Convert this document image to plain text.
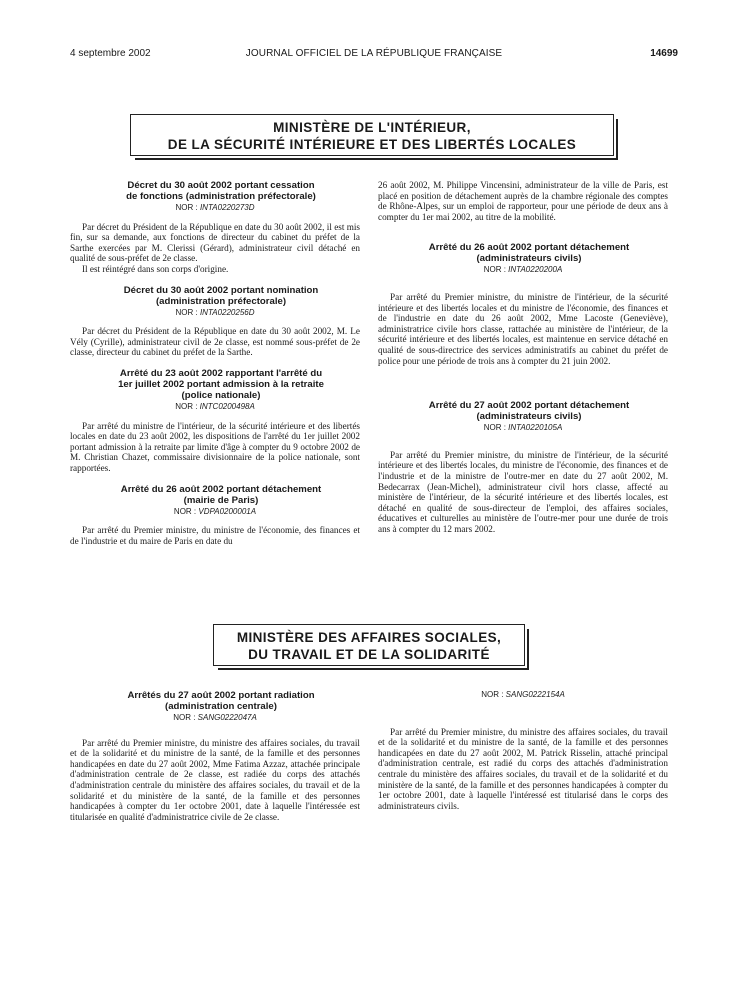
4 septembre 2002	JOURNAL OFFICIEL DE LA RÉPUBLIQUE FRANÇAISE	14699
MINISTÈRE DE L'INTÉRIEUR,
DE LA SÉCURITÉ INTÉRIEURE ET DES LIBERTÉS LOCALES

Décret du 30 août 2002 portant cessation

de fonctions (administration préfectorale)

NOR : INTA0220273D

Par décret du Président de la République en date du 30 août 2002, il est mis fin, sur sa demande, aux fonctions de directeur du cabinet du préfet de la Sarthe exercées par M. Clerissi (Gérard), administrateur civil détaché en qualité de sous-préfet de 2e classe.

Il est réintégré dans son corps d'origine.

Décret du 30 août 2002 portant nomination

(administration préfectorale)

NOR : INTA0220256D

Par décret du Président de la République en date du 30 août 2002, M. Le Vély (Cyrille), administrateur civil de 2e classe, est nommé sous-préfet de 2e classe, directeur du cabinet du préfet de la Sarthe.

Arrêté du 23 août 2002 rapportant l'arrêté du

1er juillet 2002 portant admission à la retraite

(police nationale)

NOR : INTC0200498A

Par arrêté du ministre de l'intérieur, de la sécurité intérieure et des libertés locales en date du 23 août 2002, les dispositions de l'arrêté du 1er juillet 2002 portant admission à la retraite par limite d'âge à compter du 9 octobre 2002 de M. Christian Chazet, commissaire divisionnaire de la police nationale, sont rapportées.

Arrêté du 26 août 2002 portant détachement

(mairie de Paris)

NOR : VDPA0200001A

Par arrêté du Premier ministre, du ministre de l'économie, des finances et de l'industrie et du maire de Paris en date du

26 août 2002, M. Philippe Vincensini, administrateur de la ville de Paris, est placé en position de détachement auprès de la chambre régionale des comptes de Rhône-Alpes, sur un emploi de rapporteur, pour une période de deux ans à compter du 1er mai 2002, au titre de la mobilité.

Arrêté du 26 août 2002 portant détachement

(administrateurs civils)

NOR : INTA0220200A

Par arrêté du Premier ministre, du ministre de l'intérieur, de la sécurité intérieure et des libertés locales et du ministre de l'économie, des finances et de l'industrie en date du 26 août 2002, Mme Lacoste (Geneviève), administratrice civile hors classe, rattachée au ministère de l'intérieur, de la sécurité intérieure et des libertés locales, est maintenue en service détaché en qualité de sous-directrice des services administratifs au cabinet du préfet de police pour une période de trois ans à compter du 21 juin 2002.

Arrêté du 27 août 2002 portant détachement

(administrateurs civils)

NOR : INTA0220105A

Par arrêté du Premier ministre, du ministre de l'intérieur, de la sécurité intérieure et des libertés locales, du ministre de l'économie, des finances et de l'industrie et de la ministre de l'outre-mer en date du 27 août 2002, M. Bedecarrax (Jean-Michel), administrateur civil hors classe, affecté au ministère de l'intérieur, de la sécurité intérieure et des libertés locales, est détaché en qualité de sous-directeur de l'emploi, des affaires sociales, éducatives et culturelles au ministère de l'outre-mer pour une durée de trois ans à compter du 12 mars 2002.

MINISTÈRE DES AFFAIRES SOCIALES,
DU TRAVAIL ET DE LA SOLIDARITÉ

Arrêtés du 27 août 2002 portant radiation

(administration centrale)

NOR : SANG0222047A

Par arrêté du Premier ministre, du ministre des affaires sociales, du travail et de la solidarité et du ministre de la santé, de la famille et des personnes handicapées en date du 27 août 2002, Mme Fatima Azzaz, attachée principale d'administration centrale de 2e classe, est radiée du corps des attachés d'administration centrale du ministère des affaires sociales, du travail et de la solidarité et du ministère de la santé, de la famille et des personnes handicapées à compter du 1er octobre 2001, date à laquelle l'intéressée est titularisée en qualité d'administratrice civile de 2e classe.

NOR : SANG0222154A

Par arrêté du Premier ministre, du ministre des affaires sociales, du travail et de la solidarité et du ministre de la santé, de la famille et des personnes handicapées en date du 27 août 2002, M. Patrick Risselin, attaché principal d'administration centrale, est radié du corps des attachés d'administration centrale du ministère des affaires sociales, du travail et de la solidarité et du ministère de la santé, de la famille et des personnes handicapées à compter du 1er octobre 2001, date à laquelle l'intéressé est titularisé dans le corps des administrateurs civils.
